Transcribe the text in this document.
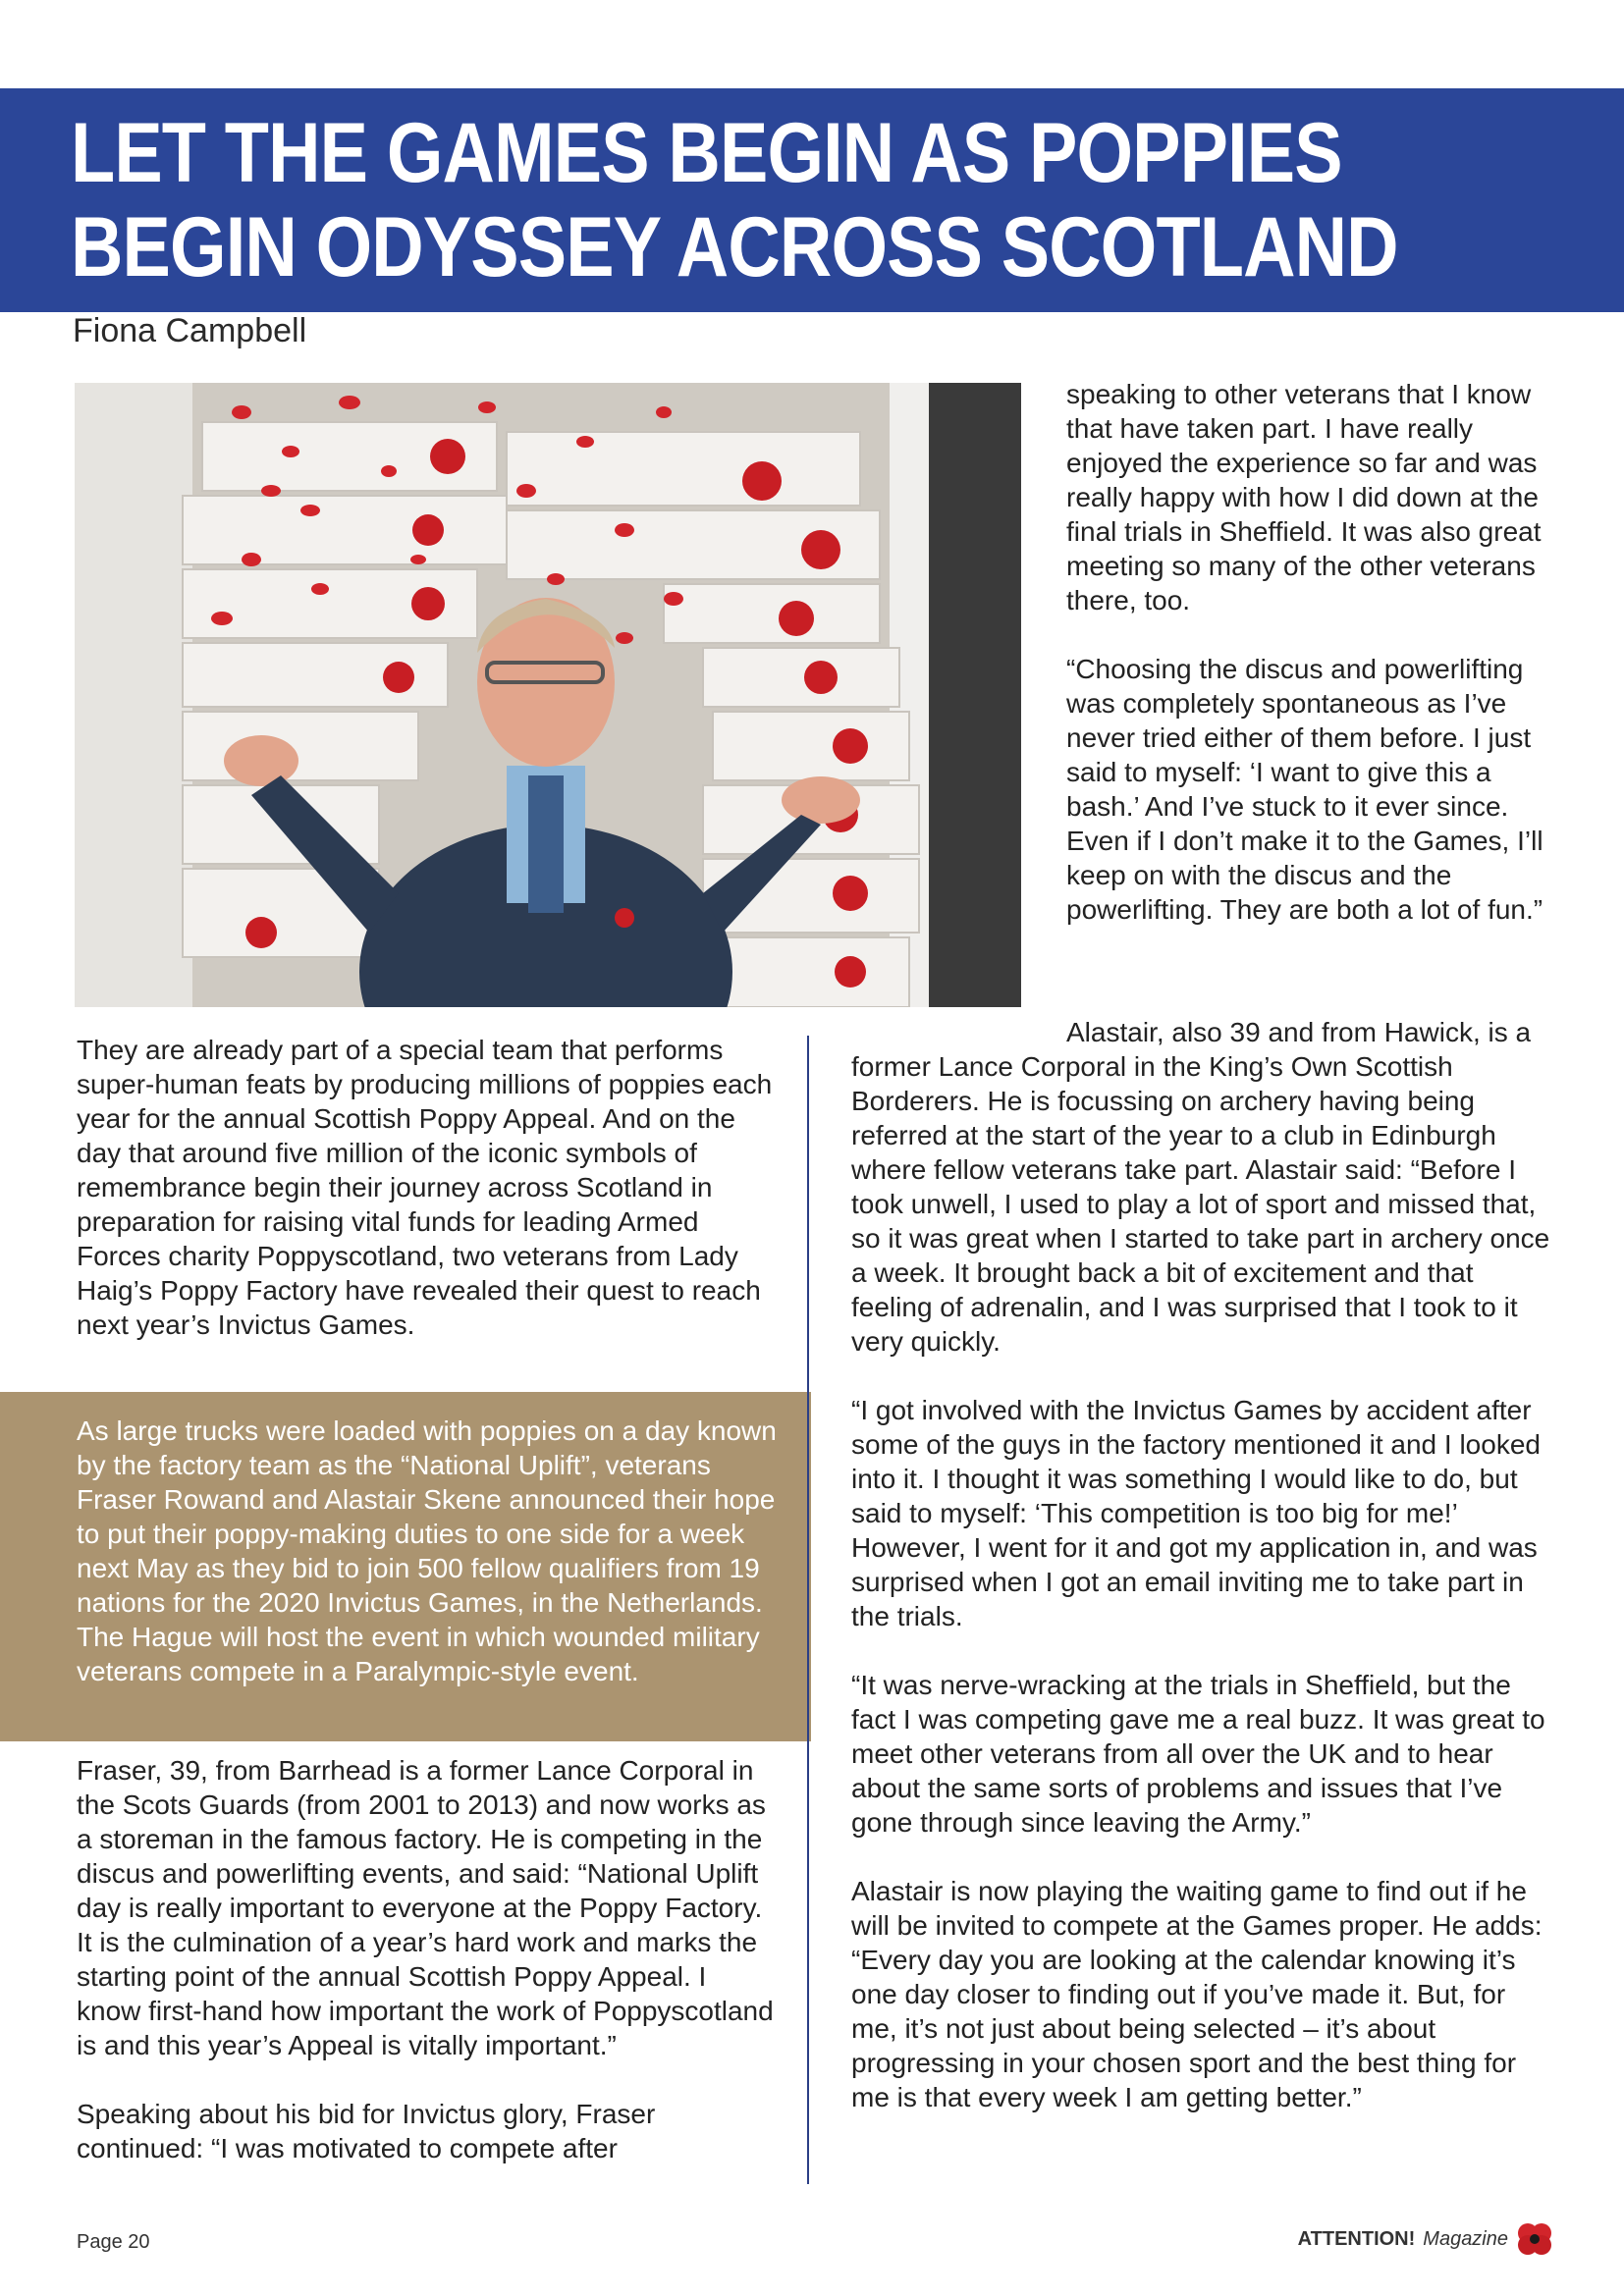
LET THE GAMES BEGIN AS POPPIES BEGIN ODYSSEY ACROSS SCOTLAND
Fiona Campbell

speaking to other veterans that I know that have taken part. I have really enjoyed the experience so far and was really happy with how I did down at the final trials in Sheffield. It was also great meeting so many of the other veterans there, too.

“Choosing the discus and powerlifting was completely spontaneous as I’ve never tried either of them before. I just said to myself: ‘I want to give this a bash.’ And I’ve stuck to it ever since. Even if I don’t make it to the Games, I’ll keep on with the discus and the powerlifting. They are both a lot of fun.”

They are already part of a special team that performs super-human feats by producing millions of poppies each year for the annual Scottish Poppy Appeal. And on the day that around five million of the iconic symbols of remembrance begin their journey across Scotland in preparation for raising vital funds for leading Armed Forces charity Poppyscotland, two veterans from Lady Haig’s Poppy Factory have revealed their quest to reach next year’s Invictus Games.

As large trucks were loaded with poppies on a day known by the factory team as the “National Uplift”, veterans Fraser Rowand and Alastair Skene announced their hope to put their poppy-making duties to one side for a week next May as they bid to join 500 fellow qualifiers from 19 nations for the 2020 Invictus Games, in the Netherlands. The Hague will host the event in which wounded military veterans compete in a Paralympic-style event.

Fraser, 39, from Barrhead is a former Lance Corporal in the Scots Guards (from 2001 to 2013) and now works as a storeman in the famous factory. He is competing in the discus and powerlifting events, and said: “National Uplift day is really important to everyone at the Poppy Factory. It is the culmination of a year’s hard work and marks the starting point of the annual Scottish Poppy Appeal. I know first-hand how important the work of Poppyscotland is and this year’s Appeal is vitally important.”

Speaking about his bid for Invictus glory, Fraser continued: “I was motivated to compete after

Alastair, also 39 and from Hawick, is a former Lance Corporal in the King’s Own Scottish Borderers. He is focussing on archery having being referred at the start of the year to a club in Edinburgh where fellow veterans take part. Alastair said: “Before I took unwell, I used to play a lot of sport and missed that, so it was great when I started to take part in archery once a week. It brought back a bit of excitement and that feeling of adrenalin, and I was surprised that I took to it very quickly.

“I got involved with the Invictus Games by accident after some of the guys in the factory mentioned it and I looked into it. I thought it was something I would like to do, but said to myself: ‘This competition is too big for me!’ However, I went for it and got my application in, and was surprised when I got an email inviting me to take part in the trials.

“It was nerve-wracking at the trials in Sheffield, but the fact I was competing gave me a real buzz. It was great to meet other veterans from all over the UK and to hear about the same sorts of problems and issues that I’ve gone through since leaving the Army.”

Alastair is now playing the waiting game to find out if he will be invited to compete at the Games proper. He adds: “Every day you are looking at the calendar knowing it’s one day closer to finding out if you’ve made it. But, for me, it’s not just about being selected – it’s about progressing in your chosen sport and the best thing for me is that every week I am getting better.”

Page 20	ATTENTION! Magazine
